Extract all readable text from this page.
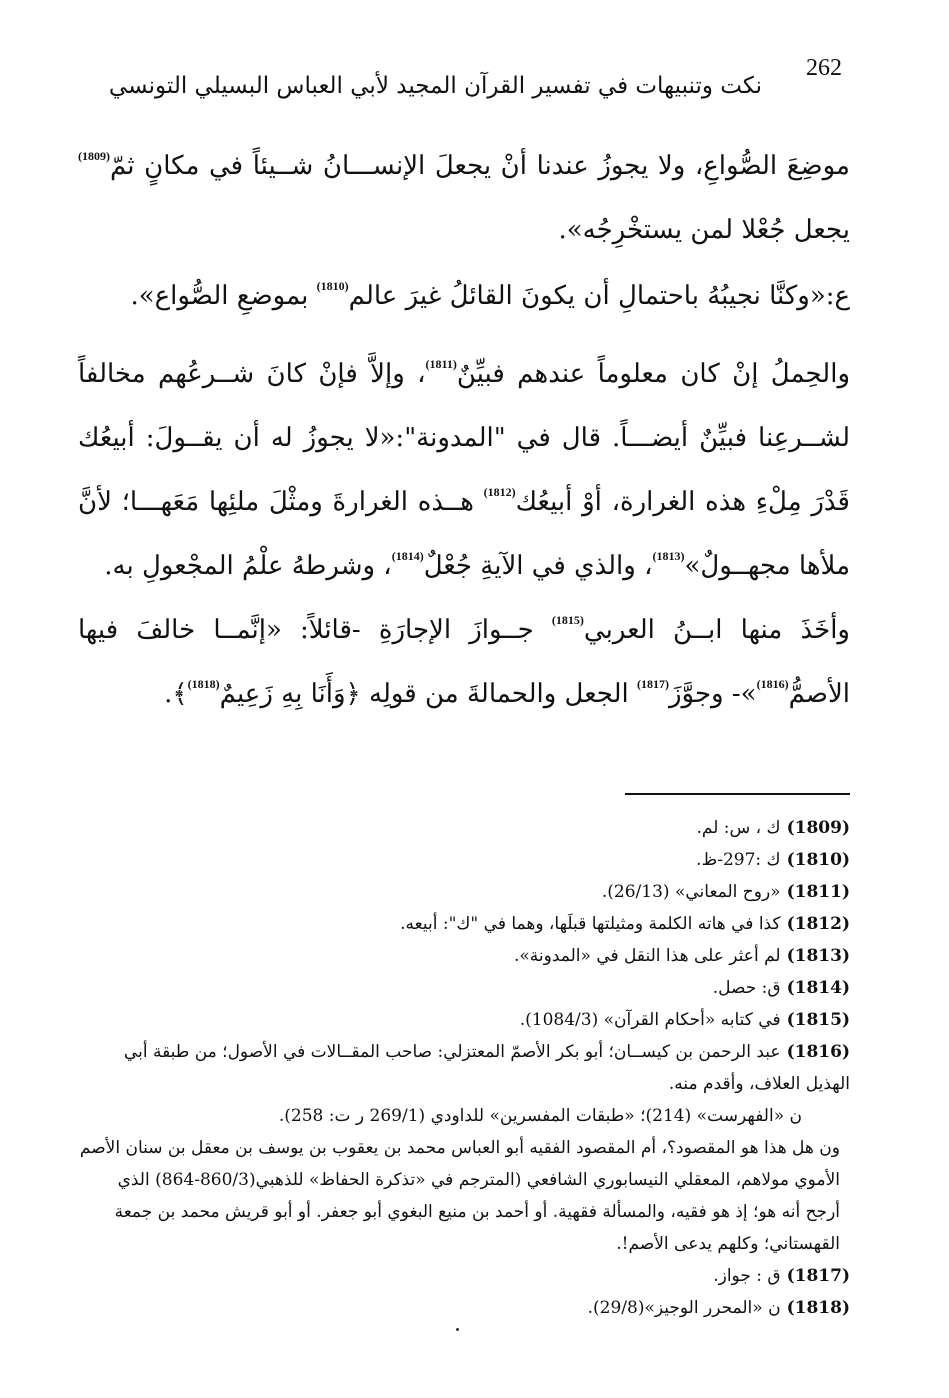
262
نكت وتنبيهات في تفسير القرآن المجيد لأبي العباس البسيلي التونسي

موضِعَ الصُّواعِ، ولا يجوزُ عندنا أنْ يجعلَ الإنســـانُ شــيئاً في مكانٍ ثمّ$^{(1809)}$ يجعل جُعْلا لمن يستخْرِجُه».

ع:«وكنَّا نجيبُهُ باحتمالِ أن يكونَ القائلُ غيرَ عالم$^{(1810)}$ بموضعِ الصُّواع».

والحِملُ إنْ كان معلوماً عندهم فبيِّنٌ$^{(1811)}$، وإلاَّ فإنْ كانَ شــرعُهم مخالفاً لشــرعِنا فبيِّنٌ أيضـــاً. قال في "المدونة":«لا يجوزُ له أن يقــولَ: أبيعُك قَدْرَ مِلْءِ هذه الغرارة، أوْ أبيعُك$^{(1812)}$ هــذه الغرارةَ ومثْلَ ملئِها مَعَهـــا؛ لأنَّ ملأها مجهــولٌ»$^{(1813)}$، والذي في الآيةِ جُعْلٌ$^{(1814)}$، وشرطهُ علْمُ المجْعولِ به.

وأخَذَ منها ابــنُ العربي$^{(1815)}$ جــوازَ الإجارَةِ -قائلاً: «إنَّمــا خالفَ فيها الأصمُّ$^{(1816)}$»- وجوَّزَ$^{(1817)}$ الجعل والحمالةَ من قولِه ﴿وَأَنَا بِهِ زَعِيمٌ$^{(1818)}$﴾.

(1809)ك ، س: لم.

(1810)ك :297-ظ.

(1811)«روح المعاني» (26/13).

(1812)كذا في هاته الكلمة ومثيلتها قبلَها، وهما في "ك": أبيعه.

(1813)لم أعثر على هذا النقل في «المدونة».

(1814)ق: حصل.

(1815)في كتابه «أحكام القرآن» (1084/3).

(1816)عبد الرحمن بن كيســان؛ أبو بكر الأصمّ المعتزلي: صاحب المقــالات في الأصول؛ من طبقة أبي الهذيل العلاف، وأقدم منه.

ن «الفهرست» (214)؛ «طبقات المفسرين» للداودي (269/1 ر ت: 258).

ون هل هذا هو المقصود؟، أم المقصود الفقيه أبو العباس محمد بن يعقوب بن يوسف بن معقل بن سنان الأصم الأموي مولاهم، المعقلي النيسابوري الشافعي (المترجم في «تذكرة الحفاظ» للذهبي(860/3-864) الذي أرجح أنه هو؛ إذ هو فقيه، والمسألة فقهية. أو أحمد بن منيع البغوي أبو جعفر. أو أبو قريش محمد بن جمعة القهستاني؛ وكلهم يدعى الأصم!.

(1817)ق : جواز.

(1818)ن «المحرر الوجيز»(29/8).
